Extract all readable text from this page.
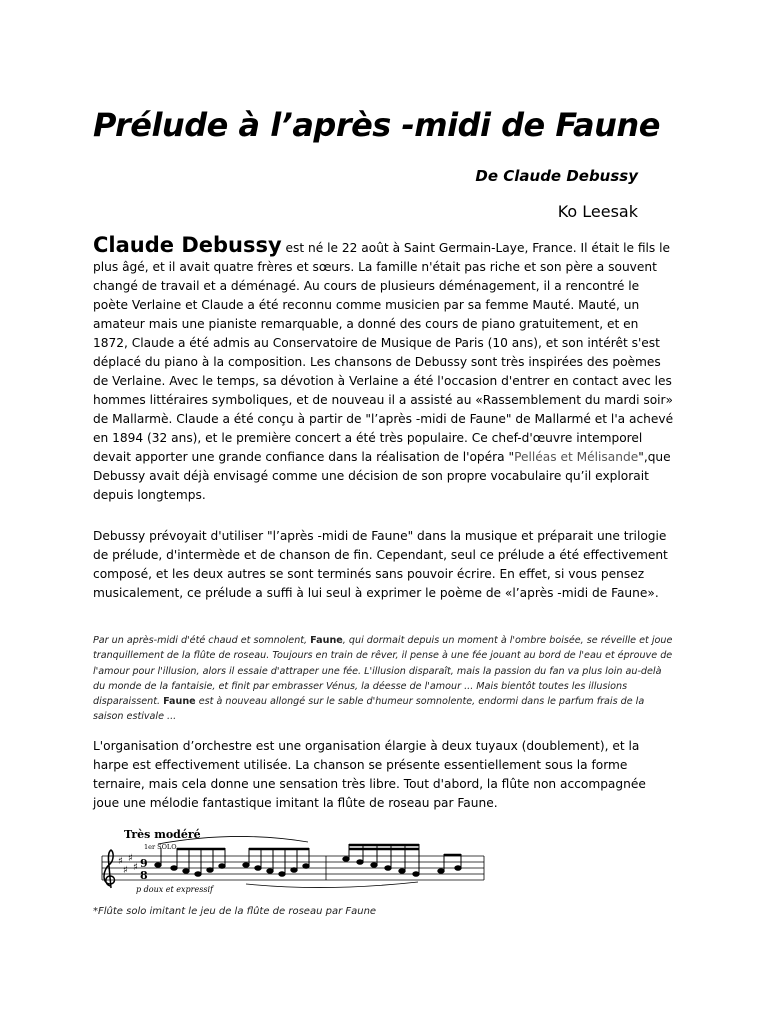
Prélude à l’après -midi de Faune
De Claude Debussy
Ko Leesak

Claude Debussy est né le 22 août à Saint Germain-Laye, France. Il était le fils le plus âgé, et il avait quatre frères et sœurs. La famille n'était pas riche et son père a souvent changé de travail et a déménagé. Au cours de plusieurs déménagement, il a rencontré le poète Verlaine et Claude a été reconnu comme musicien par sa femme Mauté. Mauté, un amateur mais une pianiste remarquable, a donné des cours de piano gratuitement, et en 1872, Claude a été admis au Conservatoire de Musique de Paris (10 ans), et son intérêt s'est déplacé du piano à la composition. Les chansons de Debussy sont très inspirées des poèmes de Verlaine. Avec le temps, sa dévotion à Verlaine a été l'occasion d'entrer en contact avec les hommes littéraires symboliques, et de nouveau il a assisté au «Rassemblement du mardi soir» de Mallarmè. Claude a été conçu à partir de "l’après -midi de Faune" de Mallarmé et l'a achevé en 1894 (32 ans), et le première concert a été très populaire. Ce chef-d'œuvre intemporel devait apporter une grande confiance dans la réalisation de l'opéra "Pelléas et Mélisande",que Debussy avait déjà envisagé comme une décision de son propre vocabulaire qu’il explorait depuis longtemps.

Debussy prévoyait d'utiliser "l’après -midi de Faune" dans la musique et préparait une trilogie de prélude, d'intermède et de chanson de fin. Cependant, seul ce prélude a été effectivement composé, et les deux autres se sont terminés sans pouvoir écrire. En effet, si vous pensez musicalement, ce prélude a suffi à lui seul à exprimer le poème de «l’après -midi de Faune».

Par un après-midi d'été chaud et somnolent, Faune, qui dormait depuis un moment à l'ombre boisée, se réveille et joue tranquillement de la flûte de roseau. Toujours en train de rêver, il pense à une fée jouant au bord de l'eau et éprouve de l'amour pour l'illusion, alors il essaie d'attraper une fée. L'illusion disparaît, mais la passion du fan va plus loin au-delà du monde de la fantaisie, et finit par embrasser Vénus, la déesse de l'amour ... Mais bientôt toutes les illusions disparaissent. Faune est à nouveau allongé sur le sable d'humeur somnolente, endormi dans le parfum frais de la saison estivale ...

L'organisation d’orchestre est une organisation élargie à deux tuyaux (doublement), et la harpe est effectivement utilisée. La chanson se présente essentiellement sous la forme ternaire, mais cela donne une sensation très libre. Tout d'abord, la flûte non accompagnée joue une mélodie fantastique imitant la flûte de roseau par Faune.

Très modéré
1er SOLO
♯
♯
♯
♯ 9
8
p doux et expressif
*Flûte solo imitant le jeu de la flûte de roseau par Faune
